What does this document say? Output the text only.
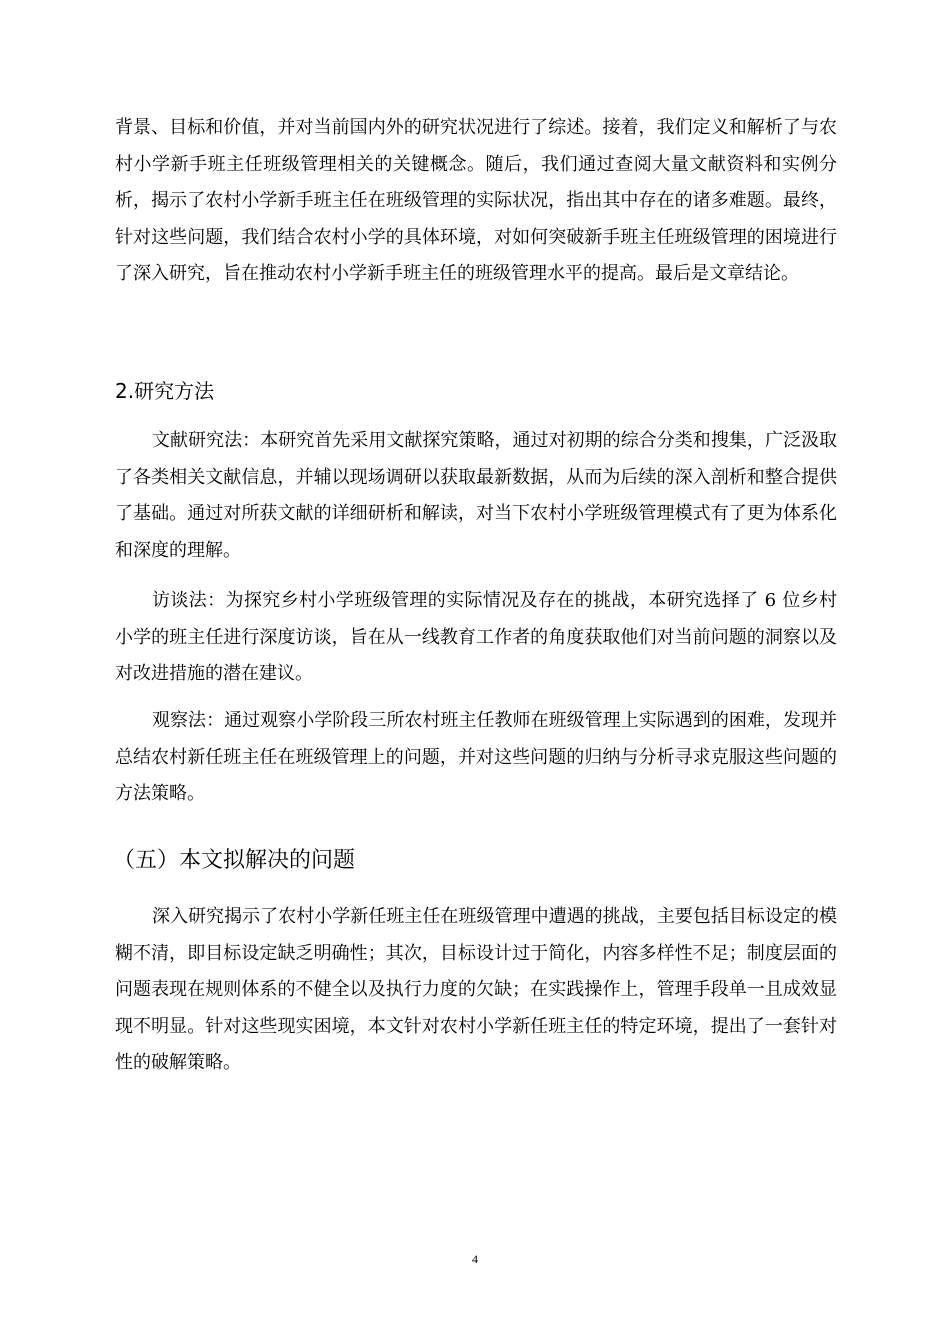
背景、目标和价值，并对当前国内外的研究状况进行了综述。接着，我们定义和解析了与农村小学新手班主任班级管理相关的关键概念。随后，我们通过查阅大量文献资料和实例分析，揭示了农村小学新手班主任在班级管理的实际状况，指出其中存在的诸多难题。最终，针对这些问题，我们结合农村小学的具体环境，对如何突破新手班主任班级管理的困境进行了深入研究，旨在推动农村小学新手班主任的班级管理水平的提高。最后是文章结论。

2.研究方法

文献研究法：本研究首先采用文献探究策略，通过对初期的综合分类和搜集，广泛汲取了各类相关文献信息，并辅以现场调研以获取最新数据，从而为后续的深入剖析和整合提供了基础。通过对所获文献的详细研析和解读，对当下农村小学班级管理模式有了更为体系化和深度的理解。

访谈法：为探究乡村小学班级管理的实际情况及存在的挑战，本研究选择了 6 位乡村小学的班主任进行深度访谈，旨在从一线教育工作者的角度获取他们对当前问题的洞察以及对改进措施的潜在建议。

观察法：通过观察小学阶段三所农村班主任教师在班级管理上实际遇到的困难，发现并总结农村新任班主任在班级管理上的问题，并对这些问题的归纳与分析寻求克服这些问题的方法策略。

（五）本文拟解决的问题

深入研究揭示了农村小学新任班主任在班级管理中遭遇的挑战，主要包括目标设定的模糊不清，即目标设定缺乏明确性；其次，目标设计过于简化，内容多样性不足；制度层面的问题表现在规则体系的不健全以及执行力度的欠缺；在实践操作上，管理手段单一且成效显现不明显。针对这些现实困境，本文针对农村小学新任班主任的特定环境，提出了一套针对性的破解策略。

4
